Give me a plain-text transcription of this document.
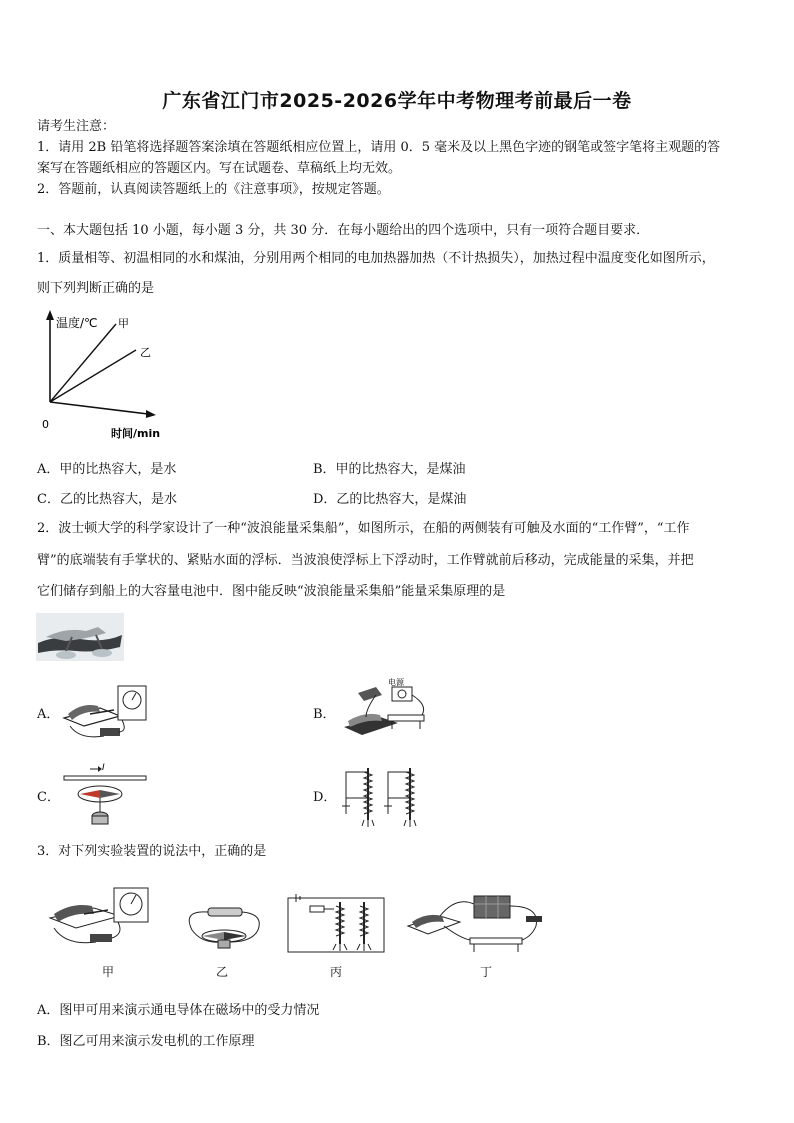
广东省江门市2025-2026学年中考物理考前最后一卷
请考生注意：
1．请用 2B 铅笔将选择题答案涂填在答题纸相应位置上，请用 0．5 毫米及以上黑色字迹的钢笔或签字笔将主观题的答
案写在答题纸相应的答题区内。写在试题卷、草稿纸上均无效。
2．答题前，认真阅读答题纸上的《注意事项》，按规定答题。
一、本大题包括 10 小题，每小题 3 分，共 30 分．在每小题给出的四个选项中，只有一项符合题目要求．
1．质量相等、初温相同的水和煤油，分别用两个相同的电加热器加热（不计热损失），加热过程中温度变化如图所示，
则下列判断正确的是
温度/℃ 甲
乙
0
时间/min
A．甲的比热容大，是水	B．甲的比热容大，是煤油
C．乙的比热容大，是水	D．乙的比热容大，是煤油
2．波士顿大学的科学家设计了一种“波浪能量采集船”，如图所示，在船的两侧装有可触及水面的“工作臂”，“工作
臂”的底端装有手掌状的、紧贴水面的浮标．当波浪使浮标上下浮动时，工作臂就前后移动，完成能量的采集，并把
它们储存到船上的大容量电池中．图中能反映“波浪能量采集船”能量采集原理的是
A．	B．
电源
C．
I
D．
3．对下列实验装置的说法中，正确的是
甲	乙	丙	丁
A．图甲可用来演示通电导体在磁场中的受力情况
B．图乙可用来演示发电机的工作原理
